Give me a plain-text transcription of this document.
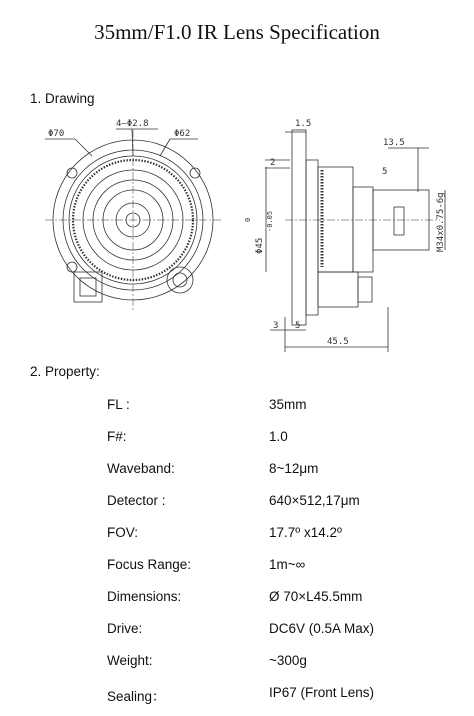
35mm/F1.0 IR Lens Specification
1. Drawing
Φ70
4–Φ2.8
Φ62
1.5
13.5
5
2
Φ45
0 -0.05	M34x0.75-6g
3 5
45.5
2. Property:
FL :	35mm
F#:	1.0
Waveband:	8~12μm
Detector :	640×512,17μm
FOV:	17.7º x14.2º
Focus Range:	1m~∞
Dimensions:	Ø 70×L45.5mm
Drive:	DC6V (0.5A Max)
Weight:	~300g
Sealing：	IP67 (Front Lens)
